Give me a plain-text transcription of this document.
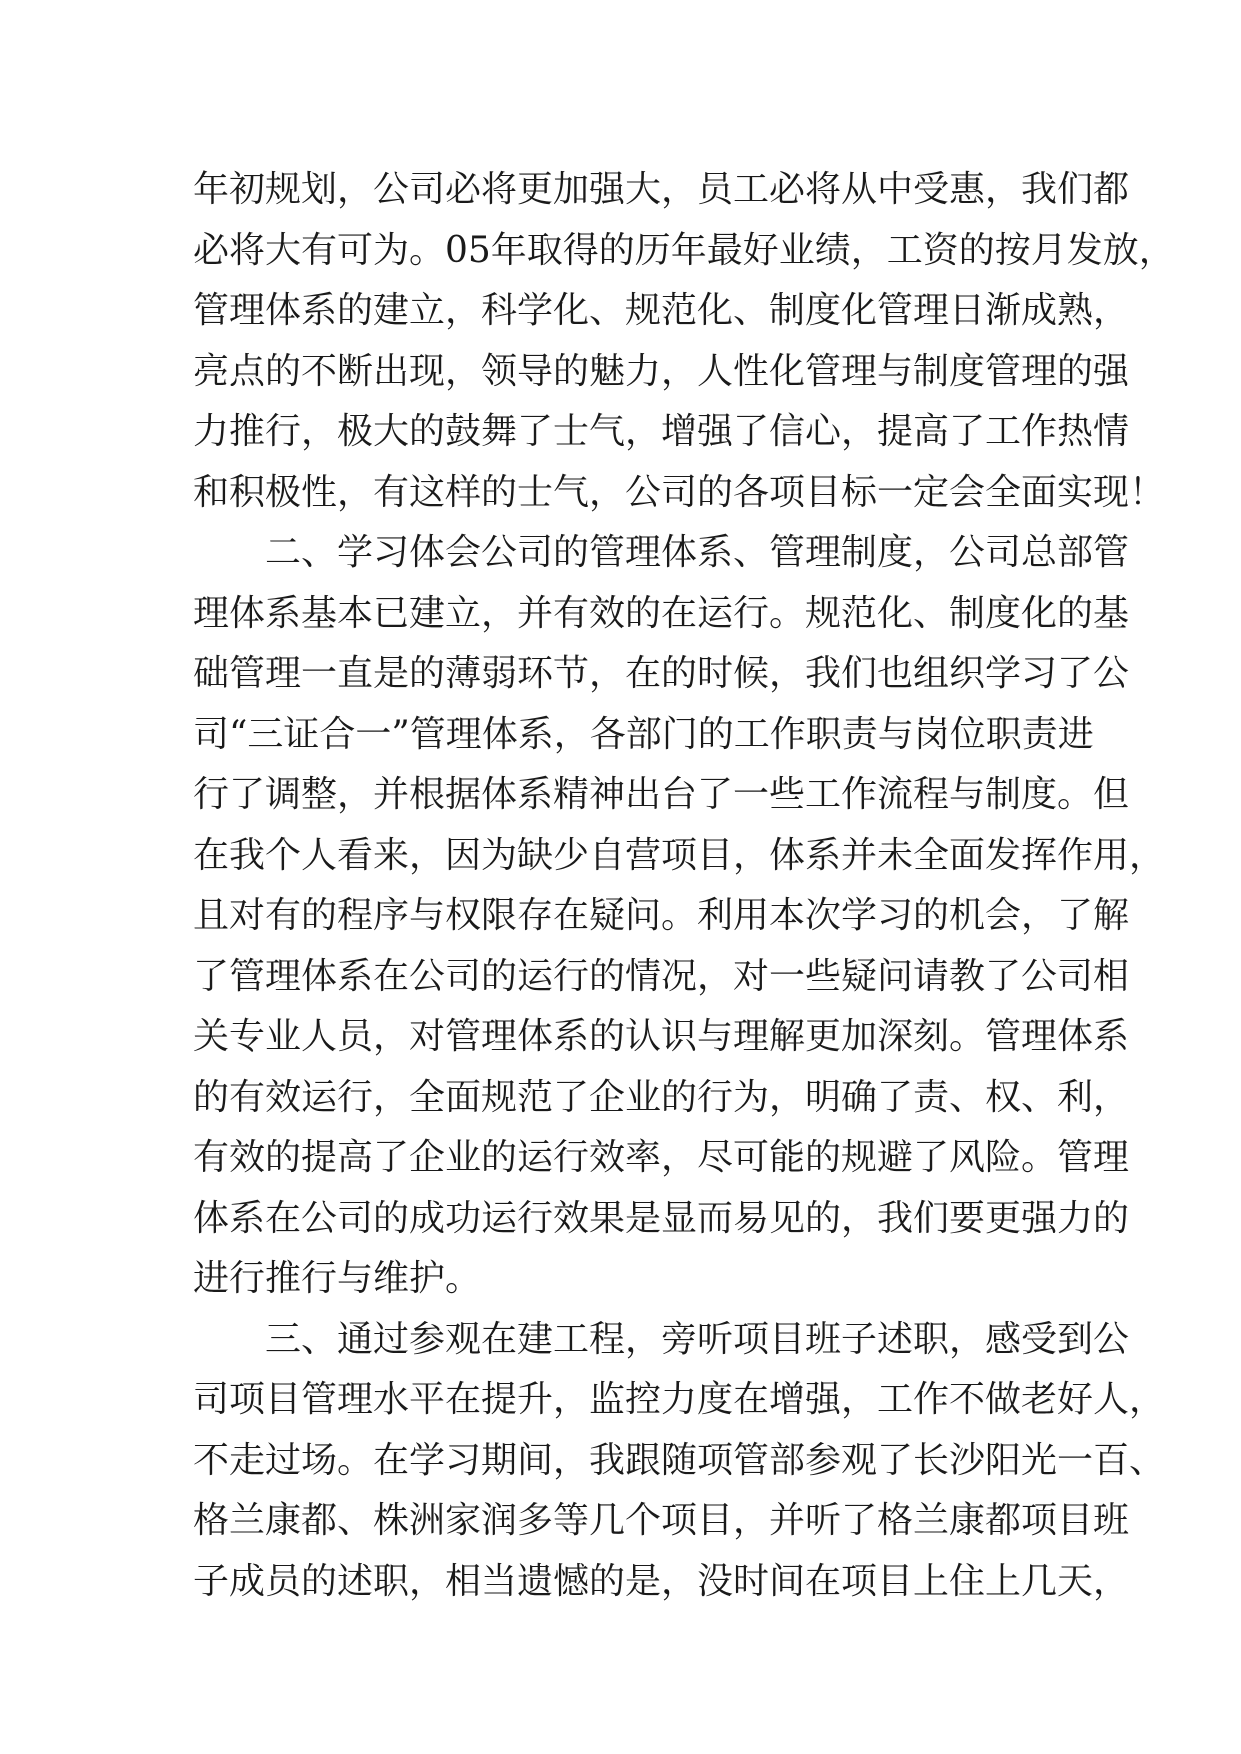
年初规划，公司必将更加强大，员工必将从中受惠，我们都
必将大有可为。05年取得的历年最好业绩，工资的按月发放，
管理体系的建立，科学化、规范化、制度化管理日渐成熟，
亮点的不断出现，领导的魅力，人性化管理与制度管理的强
力推行，极大的鼓舞了士气，增强了信心，提高了工作热情
和积极性，有这样的士气，公司的各项目标一定会全面实现！
　　二、学习体会公司的管理体系、管理制度，公司总部管
理体系基本已建立，并有效的在运行。规范化、制度化的基
础管理一直是的薄弱环节，在的时候，我们也组织学习了公
司“三证合一”管理体系，各部门的工作职责与岗位职责进
行了调整，并根据体系精神出台了一些工作流程与制度。但
在我个人看来，因为缺少自营项目，体系并未全面发挥作用，
且对有的程序与权限存在疑问。利用本次学习的机会，了解
了管理体系在公司的运行的情况，对一些疑问请教了公司相
关专业人员，对管理体系的认识与理解更加深刻。管理体系
的有效运行，全面规范了企业的行为，明确了责、权、利，
有效的提高了企业的运行效率，尽可能的规避了风险。管理
体系在公司的成功运行效果是显而易见的，我们要更强力的
进行推行与维护。
　　三、通过参观在建工程，旁听项目班子述职，感受到公
司项目管理水平在提升，监控力度在增强，工作不做老好人，
不走过场。在学习期间，我跟随项管部参观了长沙阳光一百、
格兰康都、株洲家润多等几个项目，并听了格兰康都项目班
子成员的述职，相当遗憾的是，没时间在项目上住上几天，
